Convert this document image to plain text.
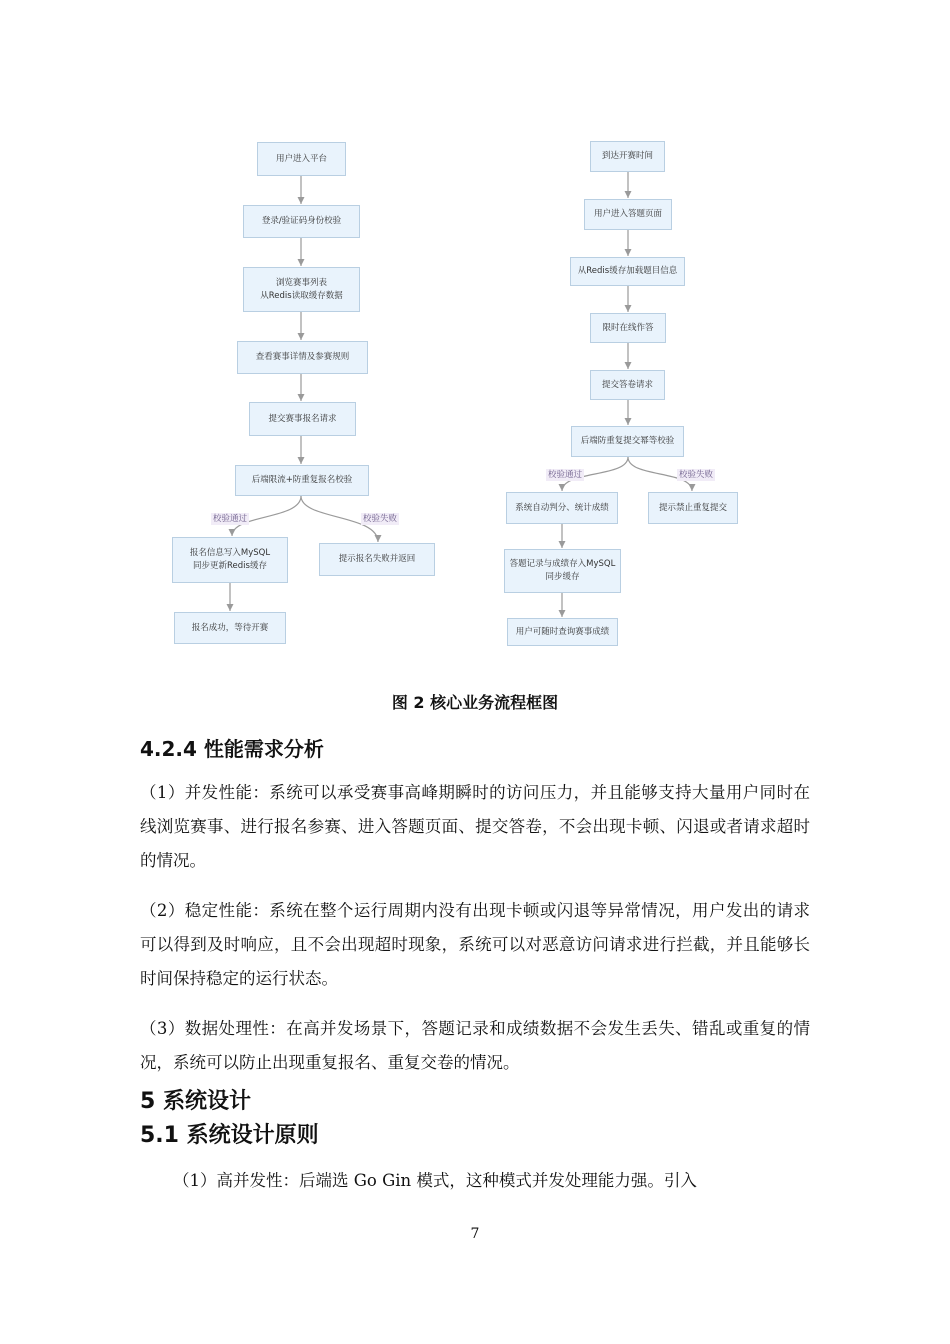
用户进入平台
登录/验证码身份校验
浏览赛事列表
从Redis读取缓存数据
查看赛事详情及参赛规则
提交赛事报名请求
后端限流+防重复报名校验
校验通过	校验失败
报名信息写入MySQL
同步更新Redis缓存
提示报名失败并返回
报名成功，等待开赛
到达开赛时间
用户进入答题页面
从Redis缓存加载题目信息
限时在线作答
提交答卷请求
后端防重复提交幂等校验
校验通过	校验失败
系统自动判分、统计成绩	提示禁止重复提交
答题记录与成绩存入MySQL
同步缓存
用户可随时查询赛事成绩
图 2 核心业务流程框图
4.2.4 性能需求分析
（1）并发性能：系统可以承受赛事高峰期瞬时的访问压力，并且能够支持大量用户同时在线浏览赛事、进行报名参赛、进入答题页面、提交答卷，不会出现卡顿、闪退或者请求超时的情况。
（2）稳定性能：系统在整个运行周期内没有出现卡顿或闪退等异常情况，用户发出的请求可以得到及时响应，且不会出现超时现象，系统可以对恶意访问请求进行拦截，并且能够长时间保持稳定的运行状态。
（3）数据处理性：在高并发场景下，答题记录和成绩数据不会发生丢失、错乱或重复的情况，系统可以防止出现重复报名、重复交卷的情况。
5 系统设计
5.1 系统设计原则
（1）高并发性：后端选 Go Gin 模式，这种模式并发处理能力强。引入
7
